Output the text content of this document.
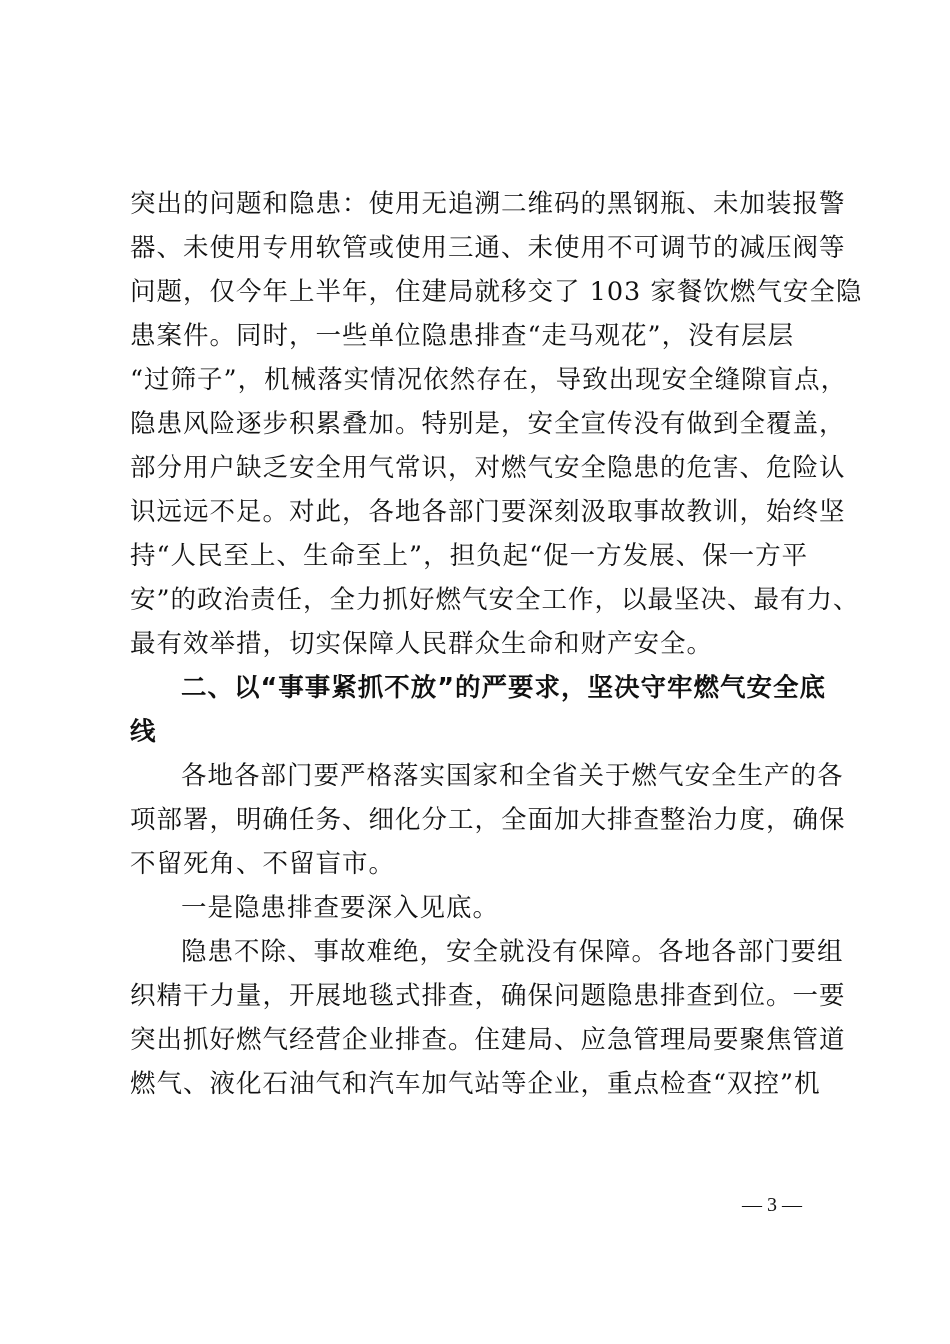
突出的问题和隐患：使用无追溯二维码的黑钢瓶、未加装报警
器、未使用专用软管或使用三通、未使用不可调节的减压阀等
问题，仅今年上半年，住建局就移交了 103 家餐饮燃气安全隐
患案件。同时，一些单位隐患排查“走马观花”，没有层层
“过筛子”，机械落实情况依然存在，导致出现安全缝隙盲点，
隐患风险逐步积累叠加。特别是，安全宣传没有做到全覆盖，
部分用户缺乏安全用气常识，对燃气安全隐患的危害、危险认
识远远不足。对此，各地各部门要深刻汲取事故教训，始终坚
持“人民至上、生命至上”，担负起“促一方发展、保一方平
安”的政治责任，全力抓好燃气安全工作，以最坚决、最有力、
最有效举措，切实保障人民群众生命和财产安全。
二、以“事事紧抓不放”的严要求，坚决守牢燃气安全底
线
各地各部门要严格落实国家和全省关于燃气安全生产的各
项部署，明确任务、细化分工，全面加大排查整治力度，确保
不留死角、不留盲市。
一是隐患排查要深入见底。
隐患不除、事故难绝，安全就没有保障。各地各部门要组
织精干力量，开展地毯式排查，确保问题隐患排查到位。一要
突出抓好燃气经营企业排查。住建局、应急管理局要聚焦管道
燃气、液化石油气和汽车加气站等企业，重点检查“双控”机
— 3 —
